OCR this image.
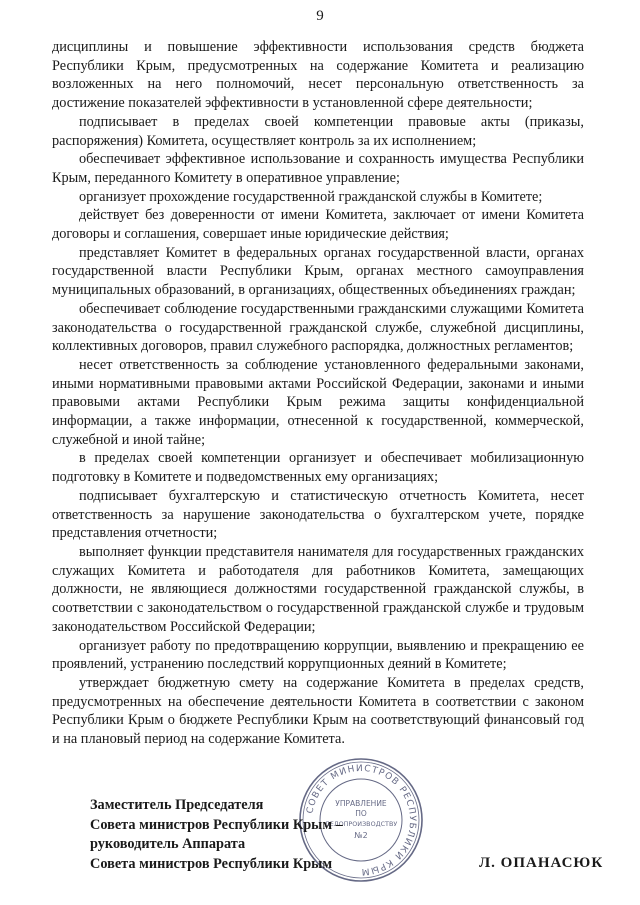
9

дисциплины и повышение эффективности использования средств бюджета Республики Крым, предусмотренных на содержание Комитета и реализацию возложенных на него полномочий, несет персональную ответственность за достижение показателей эффективности в установленной сфере деятельности;

подписывает в пределах своей компетенции правовые акты (приказы, распоряжения) Комитета, осуществляет контроль за их исполнением;

обеспечивает эффективное использование и сохранность имущества Республики Крым, переданного Комитету в оперативное управление;

организует прохождение государственной гражданской службы в Комитете;

действует без доверенности от имени Комитета, заключает от имени Комитета договоры и соглашения, совершает иные юридические действия;

представляет Комитет в федеральных органах государственной власти, органах государственной власти Республики Крым, органах местного самоуправления муниципальных образований, в организациях, общественных объединениях граждан;

обеспечивает соблюдение государственными гражданскими служащими Комитета законодательства о государственной гражданской службе, служебной дисциплины, коллективных договоров, правил служебного распорядка, должностных регламентов;

несет ответственность за соблюдение установленного федеральными законами, иными нормативными правовыми актами Российской Федерации, законами и иными правовыми актами Республики Крым режима защиты конфиденциальной информации, а также информации, отнесенной к государственной, коммерческой, служебной и иной тайне;

в пределах своей компетенции организует и обеспечивает мобилизационную подготовку в Комитете и подведомственных ему организациях;

подписывает бухгалтерскую и статистическую отчетность Комитета, несет ответственность за нарушение законодательства о бухгалтерском учете, порядке представления отчетности;

выполняет функции представителя нанимателя для государственных гражданских служащих Комитета и работодателя для работников Комитета, замещающих должности, не являющиеся должностями государственной гражданской службы, в соответствии с законодательством о государственной гражданской службе и трудовым законодательством Российской Федерации;

организует работу по предотвращению коррупции, выявлению и прекращению ее проявлений, устранению последствий коррупционных деяний в Комитете;

утверждает бюджетную смету на содержание Комитета в пределах средств, предусмотренных на обеспечение деятельности Комитета в соответствии с законом Республики Крым о бюджете Республики Крым на соответствующий финансовый год и на плановый период на содержание Комитета.

СОВЕТ МИНИСТРОВ РЕСПУБЛИКИ КРЫМ
УПРАВЛЕНИЕ
ПО
ДЕЛОПРОИЗВОДСТВУ
№2
Заместитель Председателя
Совета министров Республики Крым –
руководитель Аппарата
Совета министров Республики Крым	Л. ОПАНАСЮК
